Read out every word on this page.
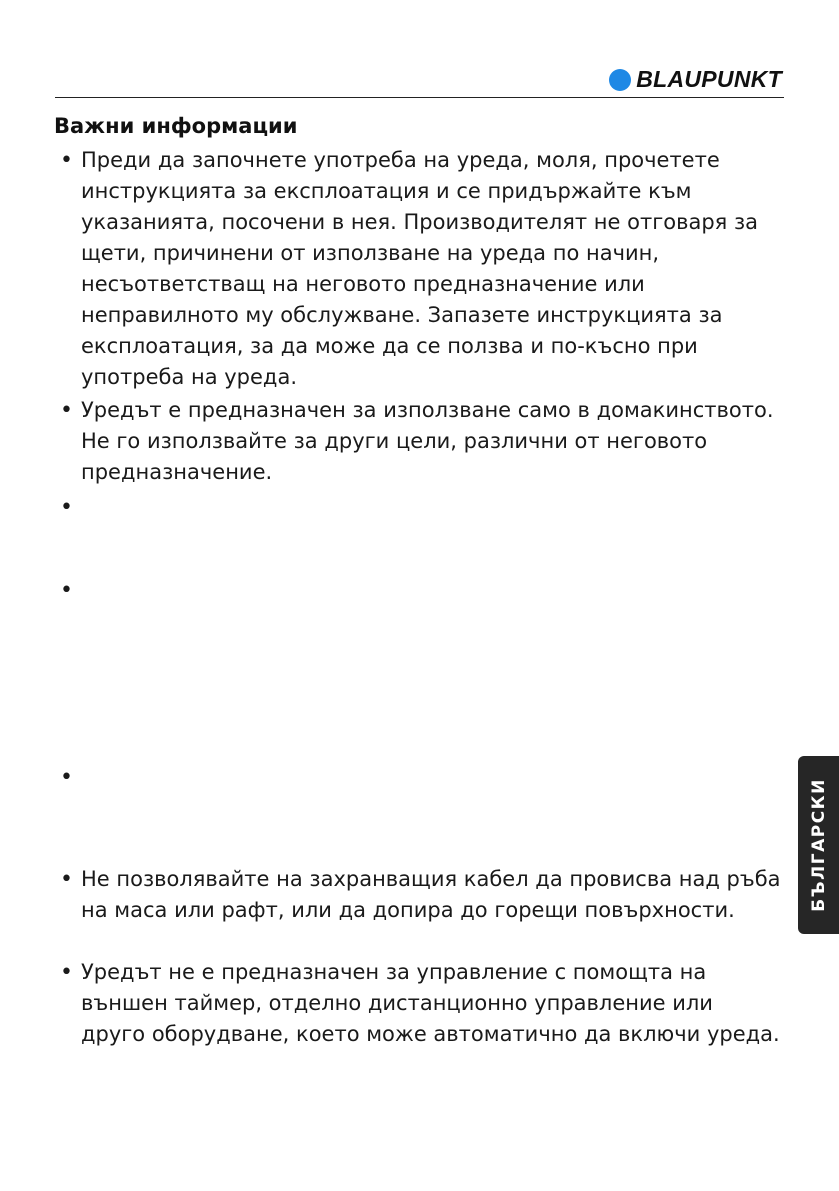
BLAUPUNKT
Важни информации
• Преди да започнете употреба на уреда, моля, прочетете инструкцията за експлоатация и се придържайте към указанията, посочени в нея. Производителят не отговаря за щети, причинени от използване на уреда по начин, несъответстващ на неговото предназначение или неправилното му обслужване. Запазете инструкцията за експлоатация, за да може да се ползва и по-късно при употреба на уреда.

• Уредът е предназначен за използване само в домакинството. Не го използвайте за други цели, различни от неговото предназначение.

•

•

•

• Не позволявайте на захранващия кабел да провисва над ръба на маса или рафт, или да допира до горещи повърхности.

• Уредът не е предназначен за управление с помощта на външен таймер, отделно дистанционно управление или друго оборудване, което може автоматично да включи уреда.

БЪЛГАРСКИ
